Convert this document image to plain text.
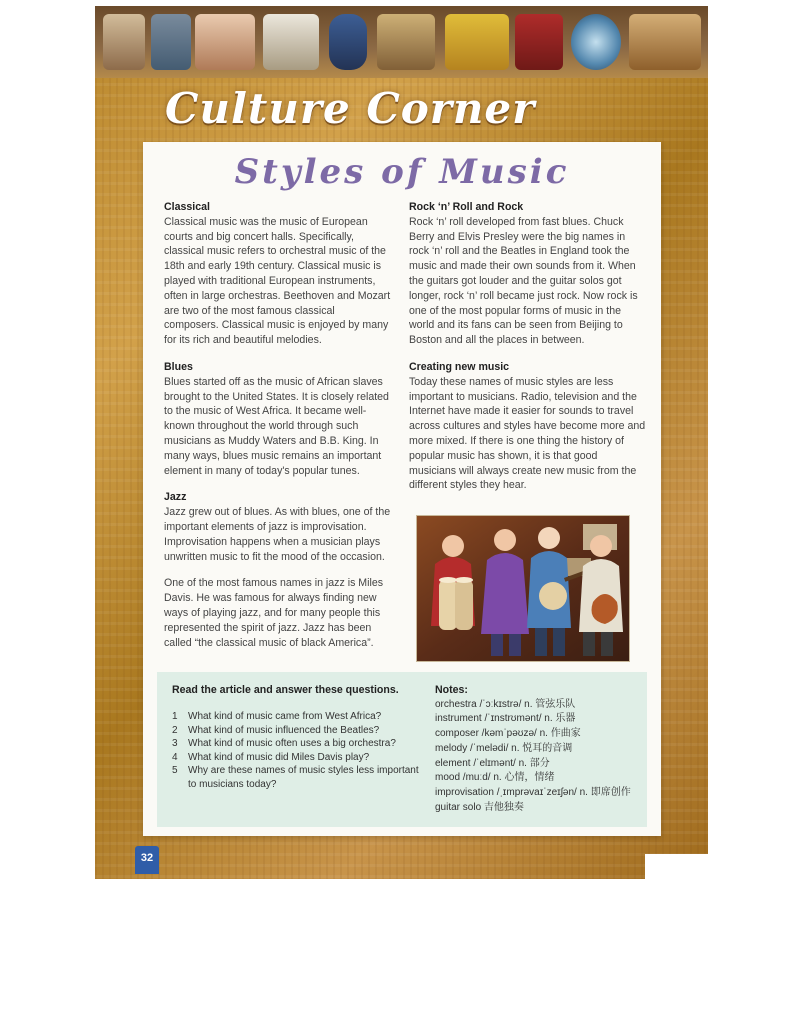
Culture Corner
Styles of Music

Classical

Classical music was the music of European courts and big concert halls. Specifically, classical music refers to orchestral music of the 18th and early 19th century. Classical music is played with traditional European instruments, often in large orchestras. Beethoven and Mozart are two of the most famous classical composers. Classical music is enjoyed by many for its rich and beautiful melodies.

Blues

Blues started off as the music of African slaves brought to the United States. It is closely related to the music of West Africa. It became well-known throughout the world through such musicians as Muddy Waters and B.B. King. In many ways, blues music remains an important element in many of today's popular tunes.

Jazz

Jazz grew out of blues. As with blues, one of the important elements of jazz is improvisation. Improvisation happens when a musician plays unwritten music to fit the mood of the occasion.

One of the most famous names in jazz is Miles Davis. He was famous for always finding new ways of playing jazz, and for many people this represented the spirit of jazz. Jazz has been called “the classical music of black America”.

Rock ‘n’ Roll and Rock

Rock ‘n’ roll developed from fast blues. Chuck Berry and Elvis Presley were the big names in rock ‘n’ roll and the Beatles in England took the music and made their own sounds from it. When the guitars got louder and the guitar solos got longer, rock ‘n’ roll became just rock. Now rock is one of the most popular forms of music in the world and its fans can be seen from Beijing to Boston and all the places in between.

Creating new music

Today these names of music styles are less important to musicians. Radio, television and the Internet have made it easier for sounds to travel across cultures and styles have become more and more mixed. If there is one thing the history of popular music has shown, it is that good musicians will always create new music from the different styles they hear.

Read the article and answer these questions.
1 What kind of music came from West Africa?
2 What kind of music influenced the Beatles?
3 What kind of music often uses a big orchestra?
4 What kind of music did Miles Davis play?
5 Why are these names of music styles less important to musicians today?
Notes:
orchestra /ˈɔːkɪstrə/ n. 管弦乐队
instrument /ˈɪnstrʊmənt/ n. 乐器
composer /kəmˈpəʊzə/ n. 作曲家
melody /ˈmelədi/ n. 悦耳的音调
element /ˈelɪmənt/ n. 部分
mood /muːd/ n. 心情，情绪
improvisation /ˌɪmprəvaɪˈzeɪʃən/ n. 即席创作
guitar solo 吉他独奏
32
